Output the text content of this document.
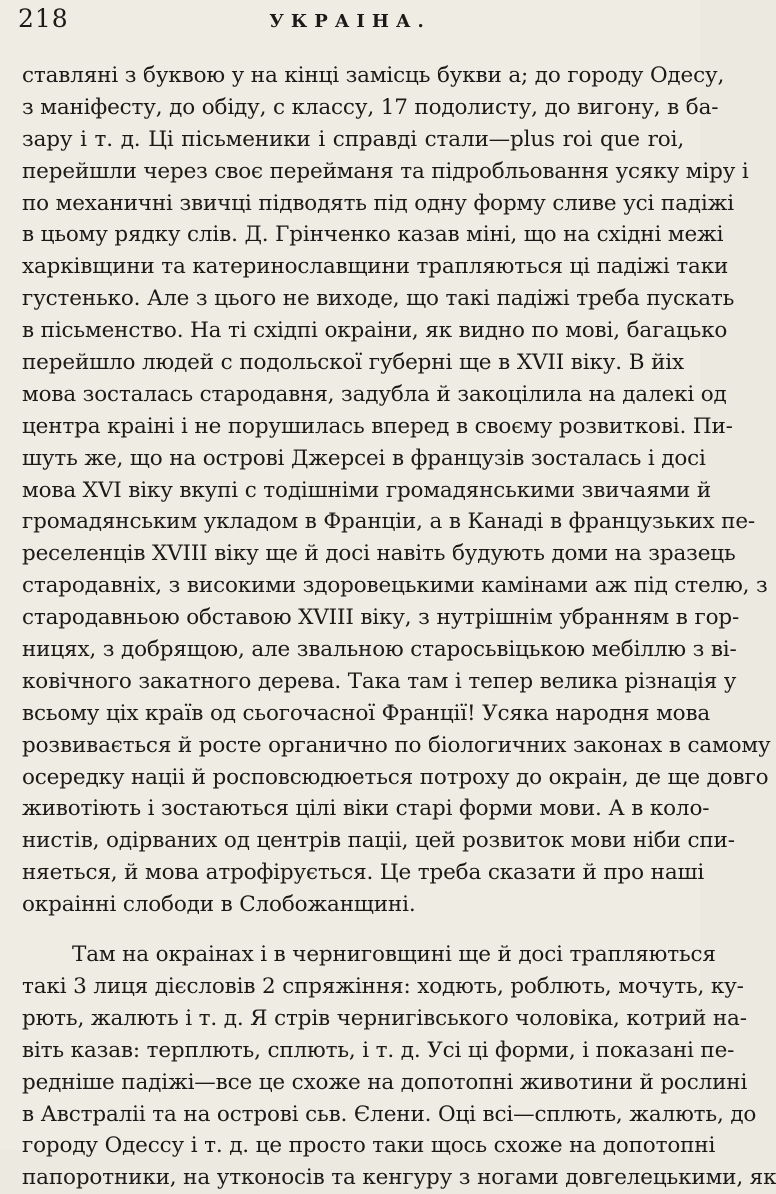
218	УКРАIНА.
ставляні з буквою у на кінці замісць букви а; до городу Одесу,
з маніфесту, до обіду, с классу, 17 подолисту, до вигону, в ба-
зару і т. д. Ці пісьменики і справді стали—plus roi que roi,
перейшли через своє перейманя та підробльовання усяку міру і
по механичні звичці підводять під одну форму сливе усі падіжі
в цьому рядку слів. Д. Грінченко казав міні, що на східні межі
харківщини та катеринославщини трапляються ці падіжі таки
густенько. Але з цього не виходе, що такі падіжі треба пускать
в пісьменство. На ті східпі окраіни, як видно по мові, багацько
перейшло людей с подольскої губерні ще в XVII віку. В йіх
мова зосталась стародавня, задубла й закоцілила на далекі од
центра краіні і не порушилась вперед в своєму розвиткові. Пи-
шуть же, що на острові Джерсеі в французів зосталась і досі
мова XVI віку вкупі с тодішніми громадянськими звичаями й
громадянським укладом в Франціи, а в Канаді в французьких пе-
реселенців XVIII віку ще й досі навіть будують доми на зразець
стародавніх, з високими здоровецькими камінами аж під стелю, з
стародавньою обставою XVIII віку, з нутрішнім убранням в гор-
ницях, з добрящою, але звальною старосьвіцькою мебіллю з ві-
ковічного закатного дерева. Така там і тепер велика різнація у
всьому ціх країв од сьогочасної Франції! Уcяка народня мова
розвивається й росте органично по біологичних законах в самому
осередку націі й росповсюдюеться потроху до окраін, де ще довго
животіють і зостаються цілі віки старі форми мови. А в коло-
нистів, одірваних од центрів паціі, цей розвиток мови ніби спи-
няеться, й мова атрофірується. Це треба сказати й про наші
окраінні слободи в Слобожанщині.
Там на окраінах і в черниговщині ще й досі трапляються
такі 3 лиця дієсловів 2 спряжіння: ходють, роблють, мочуть, ку-
рють, жалють і т. д. Я стрів чернигівського чоловіка, котрий на-
віть казав: терплють, сплють, і т. д. Усі ці форми, і показані пе-
редніше падіжі—все це схоже на допотопні животини й рослині
в Австраліі та на острові сьв. Єлени. Оці всі—сплють, жалють, до
городу Одессу і т. д. це просто таки щось схоже на допотопні
папоротники, на утконосів та кенгуру з ногами довгелецькими, як
